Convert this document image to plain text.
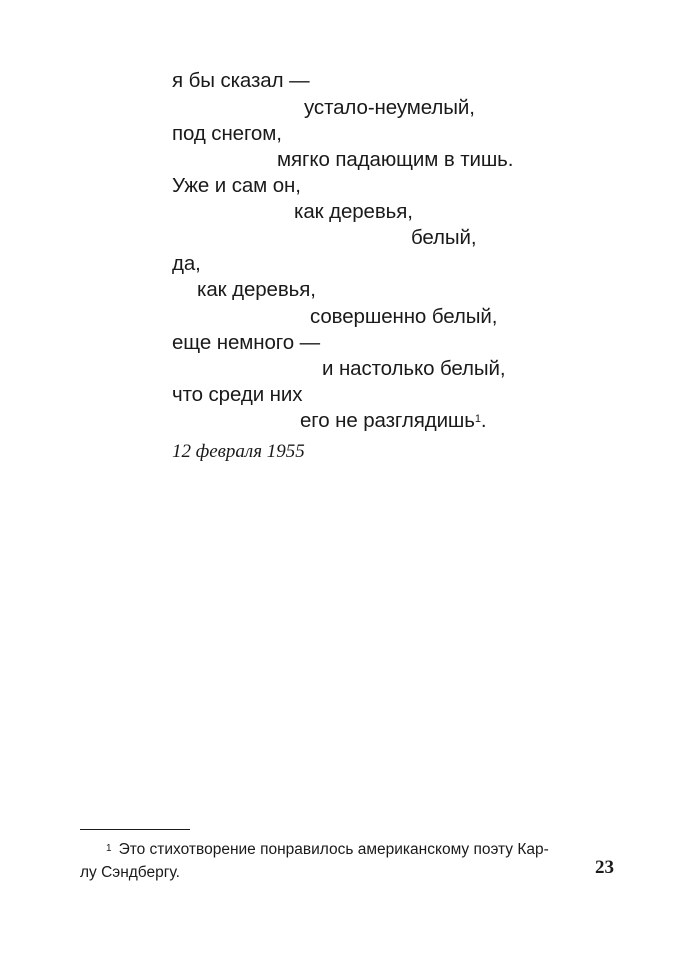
я бы сказал —
устало-неумелый,
под снегом,
мягко падающим в тишь.
Уже и сам он,
как деревья,
белый,
да,
как деревья,
совершенно белый,
еще немного —
и настолько белый,
что среди них
его не разглядишь$^1$.
12 февраля 1955
$^1$ Это стихотворение понравилось американскому поэту Кар-
лу Сэндбергу.	23
